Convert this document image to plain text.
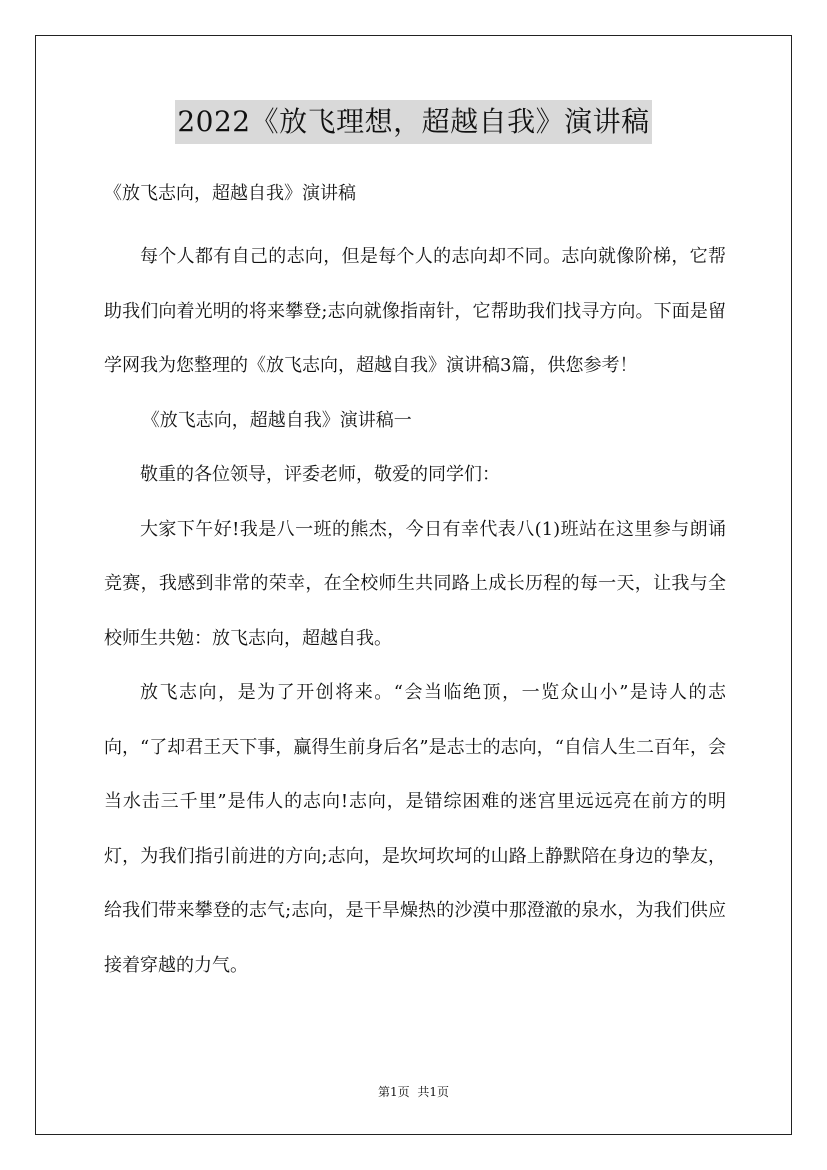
2022《放飞理想，超越自我》演讲稿
《放飞志向，超越自我》演讲稿

每个人都有自己的志向，但是每个人的志向却不同。志向就像阶梯，它帮助我们向着光明的将来攀登;志向就像指南针，它帮助我们找寻方向。下面是留学网我为您整理的《放飞志向，超越自我》演讲稿3篇，供您参考！

《放飞志向，超越自我》演讲稿一

敬重的各位领导，评委老师，敬爱的同学们：

大家下午好!我是八一班的熊杰，今日有幸代表八(1)班站在这里参与朗诵竞赛，我感到非常的荣幸，在全校师生共同路上成长历程的每一天，让我与全校师生共勉：放飞志向，超越自我。

放飞志向，是为了开创将来。“会当临绝顶，一览众山小”是诗人的志向，“了却君王天下事，赢得生前身后名”是志士的志向，“自信人生二百年，会当水击三千里”是伟人的志向!志向，是错综困难的迷宫里远远亮在前方的明灯，为我们指引前进的方向;志向，是坎坷坎坷的山路上静默陪在身边的挚友，给我们带来攀登的志气;志向，是干旱燥热的沙漠中那澄澈的泉水，为我们供应接着穿越的力气。

第1页 共1页
